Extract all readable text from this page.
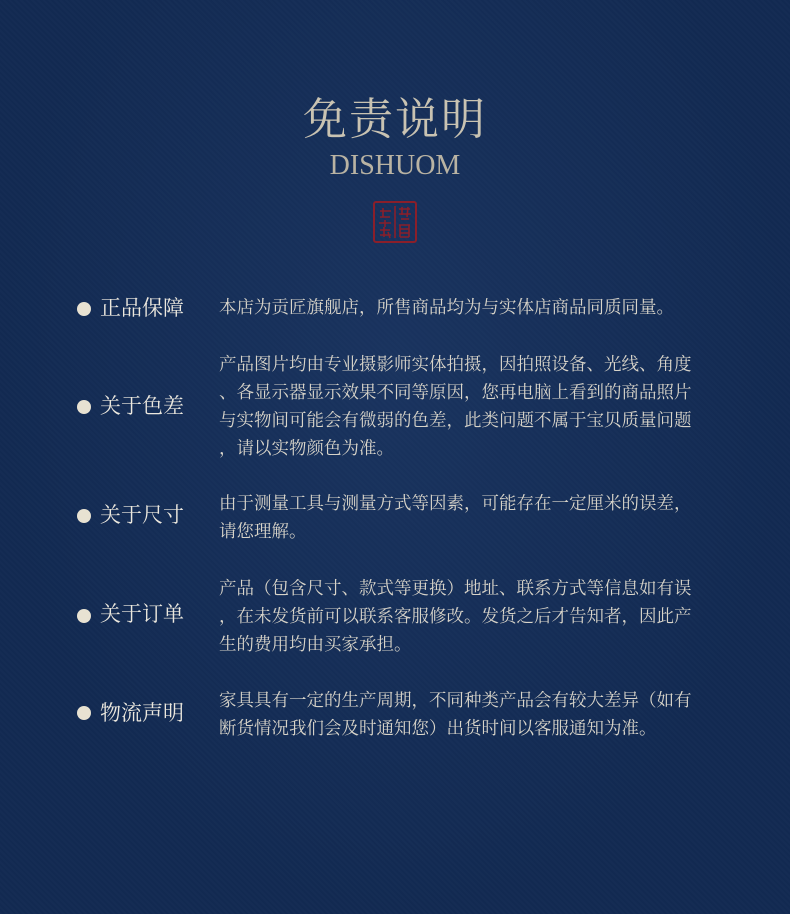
免责说明
DISHUOM
正品保障 本店为贡匠旗舰店，所售商品均为与实体店商品同质同量。
关于色差
产品图片均由专业摄影师实体拍摄，因拍照设备、光线、角度
、各显示器显示效果不同等原因，您再电脑上看到的商品照片
与实物间可能会有微弱的色差，此类问题不属于宝贝质量问题
，请以实物颜色为准。
关于尺寸 由于测量工具与测量方式等因素，可能存在一定厘米的误差，
请您理解。
关于订单
产品（包含尺寸、款式等更换）地址、联系方式等信息如有误
，在未发货前可以联系客服修改。发货之后才告知者，因此产
生的费用均由买家承担。
物流声明 家具具有一定的生产周期，不同种类产品会有较大差异（如有
断货情况我们会及时通知您）出货时间以客服通知为准。
